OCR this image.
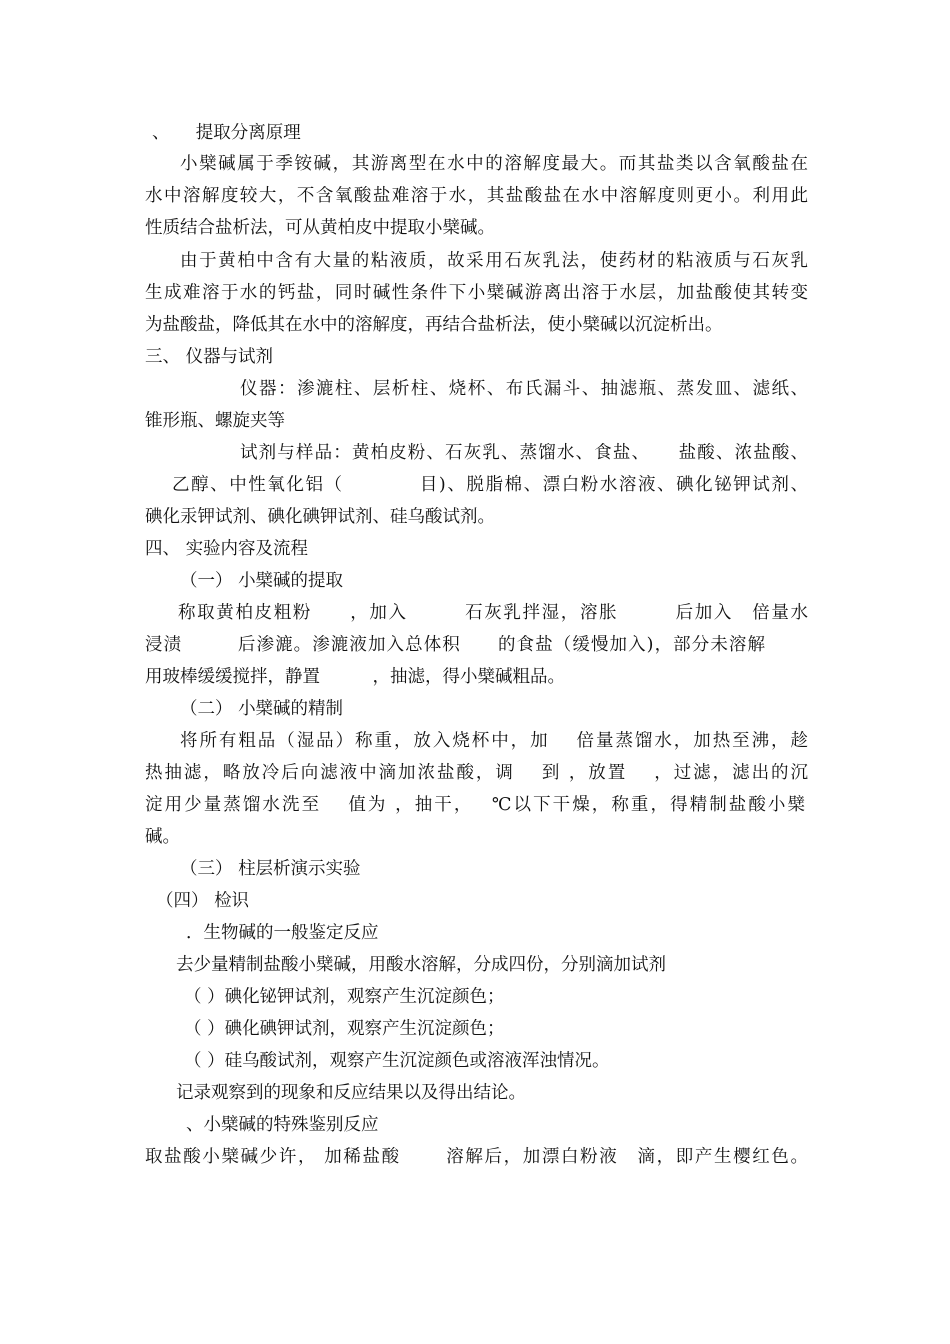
、　　提取分离原理
小檗碱属于季铵碱，其游离型在水中的溶解度最大。而其盐类以含氧酸盐在
水中溶解度较大，不含氧酸盐难溶于水，其盐酸盐在水中溶解度则更小。利用此
性质结合盐析法，可从黄柏皮中提取小檗碱。
由于黄柏中含有大量的粘液质，故采用石灰乳法，使药材的粘液质与石灰乳
生成难溶于水的钙盐，同时碱性条件下小檗碱游离出溶于水层，加盐酸使其转变
为盐酸盐，降低其在水中的溶解度，再结合盐析法，使小檗碱以沉淀析出。
三、 仪器与试剂
仪器：渗漉柱、层析柱、烧杯、布氏漏斗、抽滤瓶、蒸发皿、滤纸、
锥形瓶、螺旋夹等
试剂与样品：黄柏皮粉、石灰乳、蒸馏水、食盐、　　盐酸、浓盐酸、
乙醇、中性氧化铝（　　　　目)、脱脂棉、漂白粉水溶液、碘化铋钾试剂、
碘化汞钾试剂、碘化碘钾试剂、硅乌酸试剂。
四、 实验内容及流程
（一） 小檗碱的提取
称取黄柏皮粗粉　　，加入　　　石灰乳拌湿，溶胀　　　后加入　倍量水
浸渍　　　后渗漉。渗漉液加入总体积　　的食盐（缓慢加入)，部分未溶解
用玻棒缓缓搅拌，静置　　　，抽滤，得小檗碱粗品。
（二） 小檗碱的精制
将所有粗品（湿品）称重，放入烧杯中，加　 倍量蒸馏水，加热至沸，趁
热抽滤，略放冷后向滤液中滴加浓盐酸，调　 到 ，放置　 ，过滤，滤出的沉
淀用少量蒸馏水洗至　 值为 ，抽干，　 ℃以下干燥，称重，得精制盐酸小檗
碱。
（三） 柱层析演示实验
（四） 检识
．生物碱的一般鉴定反应
去少量精制盐酸小檗碱，用酸水溶解，分成四份，分别滴加试剂
（ ）碘化铋钾试剂，观察产生沉淀颜色；
（ ）碘化碘钾试剂，观察产生沉淀颜色；
（ ）硅乌酸试剂，观察产生沉淀颜色或溶液浑浊情况。
记录观察到的现象和反应结果以及得出结论。
、小檗碱的特殊鉴别反应
取盐酸小檗碱少许， 加稀盐酸　　 溶解后，加漂白粉液　滴，即产生樱红色。
